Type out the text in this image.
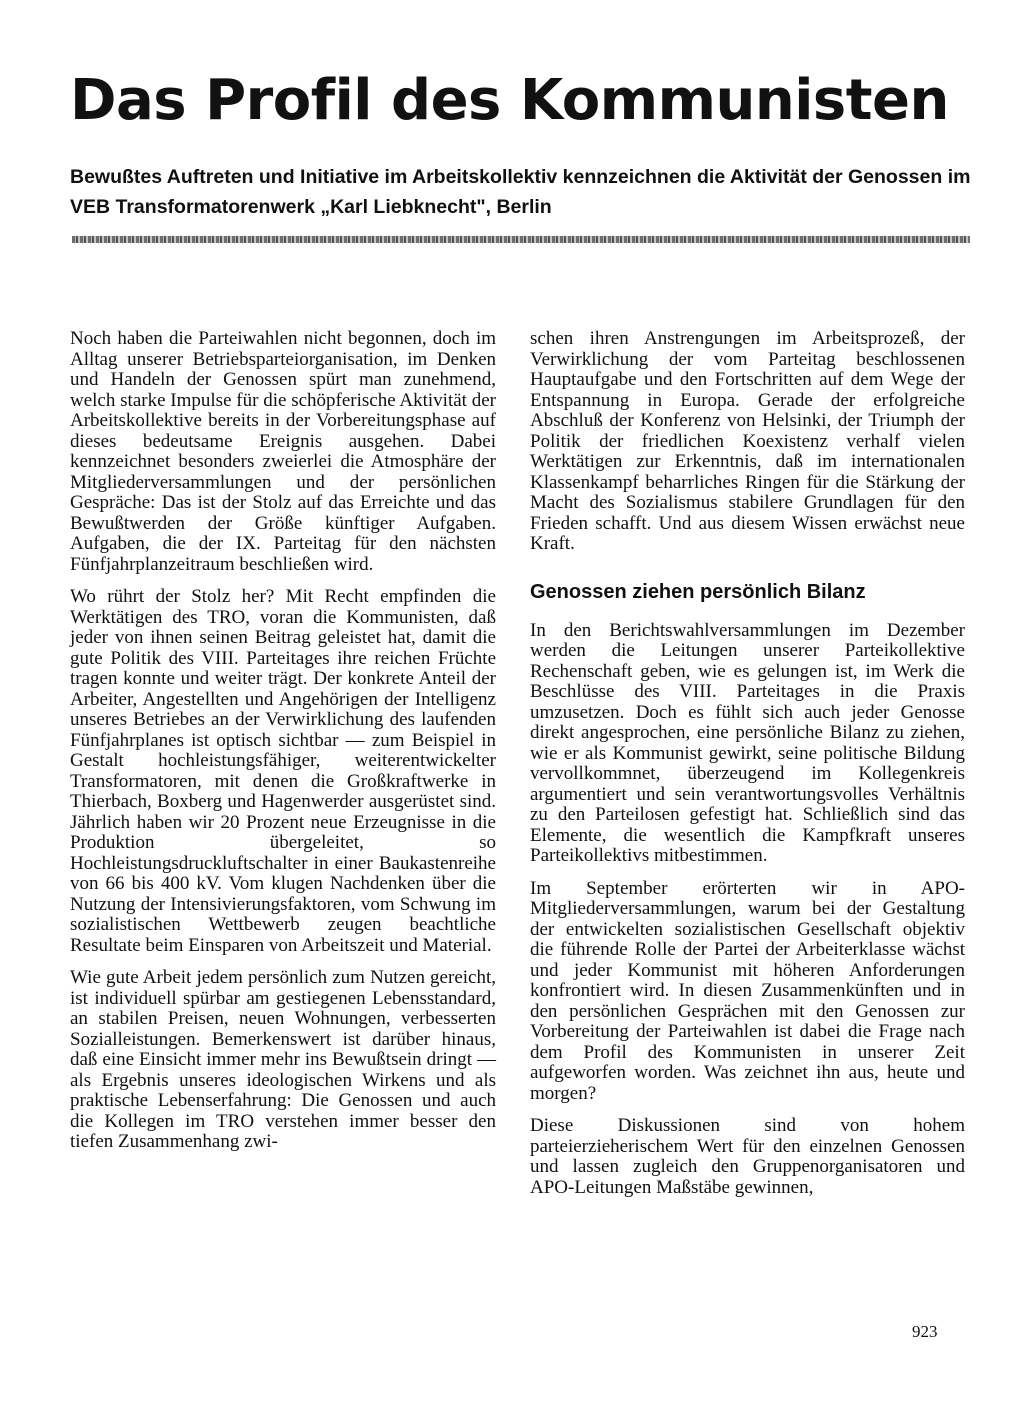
Das Profil des Kommunisten
Bewußtes Auftreten und Initiative im Arbeitskollektiv kennzeichnen die Aktivität der Genossen im VEB Transformatorenwerk „Karl Liebknecht", Berlin

Noch haben die Parteiwahlen nicht begonnen, doch im Alltag unserer Betriebsparteiorganisation, im Denken und Handeln der Genossen spürt man zunehmend, welch starke Impulse für die schöpferische Aktivität der Arbeitskollektive bereits in der Vorbereitungsphase auf dieses bedeutsame Ereignis ausgehen. Dabei kennzeichnet besonders zweierlei die Atmosphäre der Mitgliederversammlungen und der persönlichen Gespräche: Das ist der Stolz auf das Erreichte und das Bewußtwerden der Größe künftiger Aufgaben. Aufgaben, die der IX. Parteitag für den nächsten Fünfjahrplanzeitraum beschließen wird.

Wo rührt der Stolz her? Mit Recht empfinden die Werktätigen des TRO, voran die Kommunisten, daß jeder von ihnen seinen Beitrag geleistet hat, damit die gute Politik des VIII. Parteitages ihre reichen Früchte tragen konnte und weiter trägt. Der konkrete Anteil der Arbeiter, Angestellten und Angehörigen der Intelligenz unseres Betriebes an der Verwirklichung des laufenden Fünfjahrplanes ist optisch sichtbar — zum Beispiel in Gestalt hochleistungsfähiger, weiterentwickelter Transformatoren, mit denen die Großkraftwerke in Thierbach, Boxberg und Hagenwerder ausgerüstet sind. Jährlich haben wir 20 Prozent neue Erzeugnisse in die Produktion übergeleitet, so Hochleistungsdruckluftschalter in einer Baukastenreihe von 66 bis 400 kV. Vom klugen Nachdenken über die Nutzung der Intensivierungsfaktoren, vom Schwung im sozialistischen Wettbewerb zeugen beachtliche Resultate beim Einsparen von Arbeitszeit und Material.

Wie gute Arbeit jedem persönlich zum Nutzen gereicht, ist individuell spürbar am gestiegenen Lebensstandard, an stabilen Preisen, neuen Wohnungen, verbesserten Sozialleistungen. Bemerkenswert ist darüber hinaus, daß eine Einsicht immer mehr ins Bewußtsein dringt — als Ergebnis unseres ideologischen Wirkens und als praktische Lebenserfahrung: Die Genossen und auch die Kollegen im TRO verstehen immer besser den tiefen Zusammenhang zwi-

schen ihren Anstrengungen im Arbeitsprozeß, der Verwirklichung der vom Parteitag beschlossenen Hauptaufgabe und den Fortschritten auf dem Wege der Entspannung in Europa. Gerade der erfolgreiche Abschluß der Konferenz von Helsinki, der Triumph der Politik der friedlichen Koexistenz verhalf vielen Werktätigen zur Erkenntnis, daß im internationalen Klassenkampf beharrliches Ringen für die Stärkung der Macht des Sozialismus stabilere Grundlagen für den Frieden schafft. Und aus diesem Wissen erwächst neue Kraft.

Genossen ziehen persönlich Bilanz

In den Berichtswahlversammlungen im Dezember werden die Leitungen unserer Parteikollektive Rechenschaft geben, wie es gelungen ist, im Werk die Beschlüsse des VIII. Parteitages in die Praxis umzusetzen. Doch es fühlt sich auch jeder Genosse direkt angesprochen, eine persönliche Bilanz zu ziehen, wie er als Kommunist gewirkt, seine politische Bildung vervollkommnet, überzeugend im Kollegenkreis argumentiert und sein verantwortungsvolles Verhältnis zu den Parteilosen gefestigt hat. Schließlich sind das Elemente, die wesentlich die Kampfkraft unseres Parteikollektivs mitbestimmen.

Im September erörterten wir in APO-Mitgliederversammlungen, warum bei der Gestaltung der entwickelten sozialistischen Gesellschaft objektiv die führende Rolle der Partei der Arbeiterklasse wächst und jeder Kommunist mit höheren Anforderungen konfrontiert wird. In diesen Zusammenkünften und in den persönlichen Gesprächen mit den Genossen zur Vorbereitung der Parteiwahlen ist dabei die Frage nach dem Profil des Kommunisten in unserer Zeit aufgeworfen worden. Was zeichnet ihn aus, heute und morgen?

Diese Diskussionen sind von hohem parteierzieherischem Wert für den einzelnen Genossen und lassen zugleich den Gruppenorganisatoren und APO-Leitungen Maßstäbe gewinnen,

923
